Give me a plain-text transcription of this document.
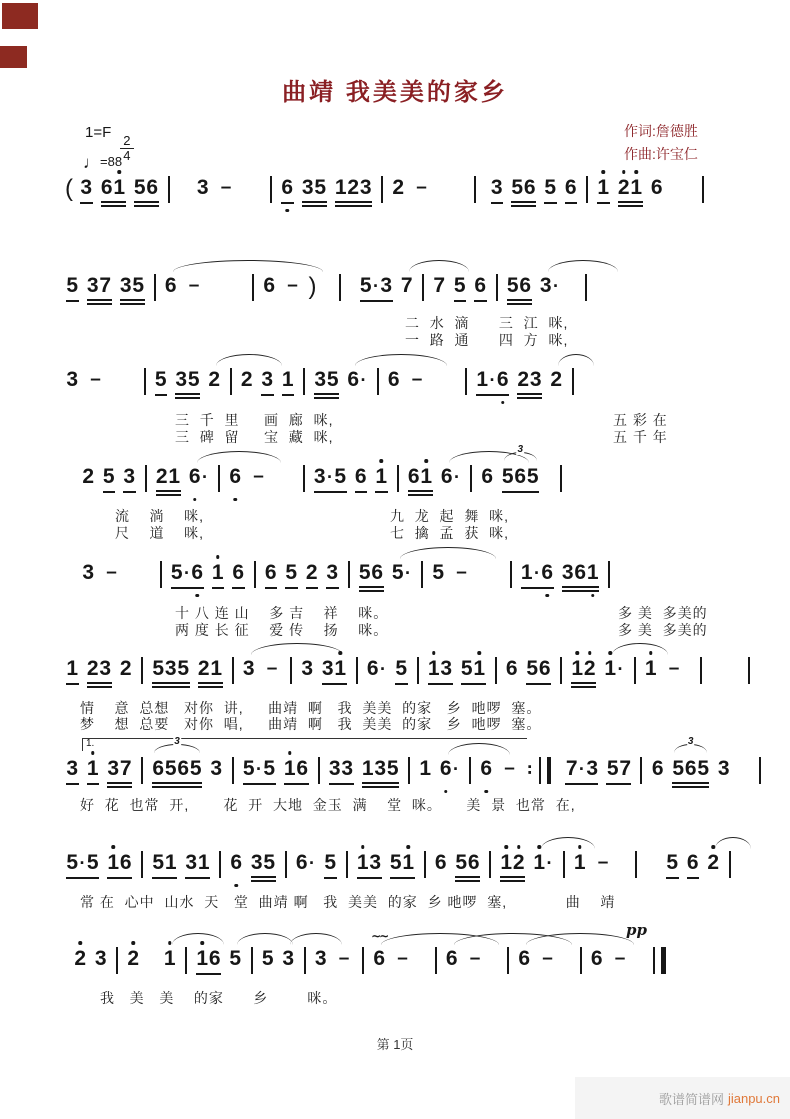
曲靖 我美美的家乡
1=F
$\frac{2}{4}$
♩=88
作词:詹德胜
作曲:许宝仁
( 3 6 1 5 6 3 – 6 3 5 1 2 3 2 –	3 5 6 5 6 1 2 1 6
5 3 7 3 5 6 –	6 – ) 5 · 3 7 7 5 6 5 6 3 ·
二  水  滴      三  江  咪,
一  路  通      四  方  咪,
3 –	5 3 5 2 2 3 1 3 5 6 · 6 –	1 · 6 2 3 2
三  千  里     画  廊  咪,
三  碑  留     宝  藏  咪,
五 彩 在
五 千 年
2 5 3 2 1 6 · 6 – 3 · 5 6 1 6 1 6 · 6 5 6 5
3
流    淌    咪,
尺    道    咪,
九  龙  起  舞  咪,
七  擒  孟  获  咪,
3 –	5 · 6 1 6 6 5 2 3 5 6 5 · 5 –	1 · 6 3 6 1
十 八 连 山    多 吉    祥    咪。
两 度 长 征    爱 传    扬    咪。
多 美  多美的
多 美  多美的
1 2 3 2 5 3 5 2 1 3 – 3 3 1 6 · 5 1 3 5 1 6 5 6 1 2 1 · 1 –
情    意  总想   对你  讲,     曲靖  啊   我  美美  的家   乡  吔啰  塞。
梦    想  总要   对你  唱,     曲靖  啊   我  美美  的家   乡  吔啰  塞。
1.
3 1 3 7 6 5 6 5
3
3 5 · 5 1 6 3 3 1 3 5 1 6 · 6 – ∶ 7 · 3 5 7 6 5 6 5
3
3
好  花  也常  开,       花  开  大地  金玉  满    堂  咪。     美  景  也常  在,
5 · 5 1 6 5 1 3 1 6 3 5 6 · 5 1 3 5 1 6 5 6 1 2 1 · 1 –	5 6 2
常 在  心中  山水  天   堂  曲靖 啊   我  美美  的家  乡 吔啰  塞,            曲    靖
pp
2 3 2 1 1 6 5 5 3 3 – 6
∼∼
– 6 – 6 – 6 –
我   美   美    的家      乡        咪。
第 1页
歌谱简谱网 jianpu.cn
